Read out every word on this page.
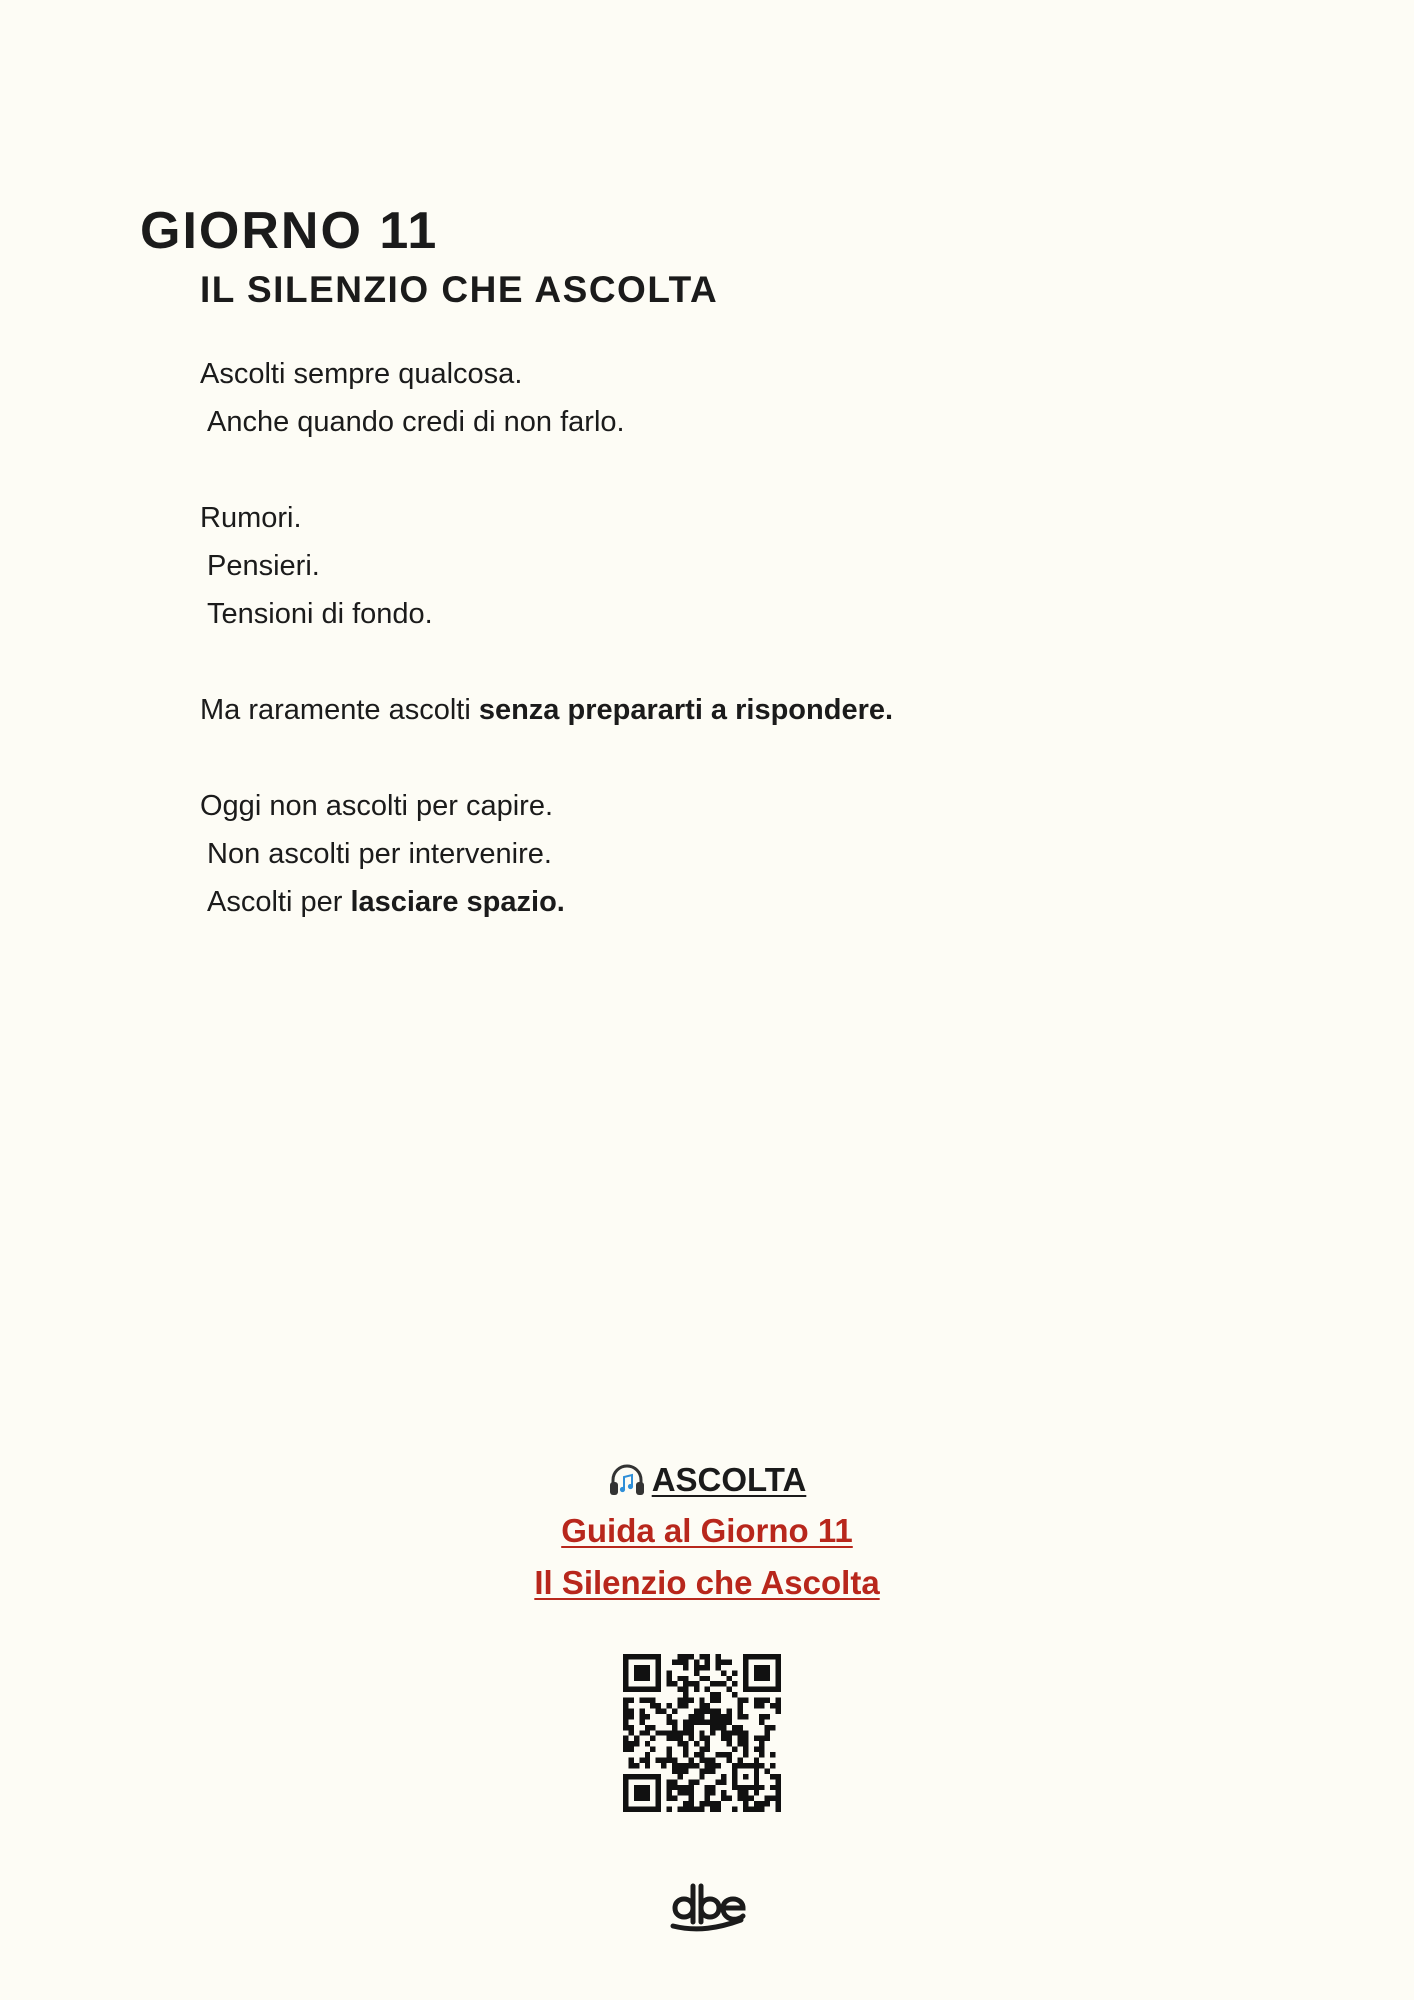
GIORNO 11
IL SILENZIO CHE ASCOLTA

Ascolti sempre qualcosa.
Anche quando credi di non farlo.

Rumori.
Pensieri.
Tensioni di fondo.

Ma raramente ascolti senza prepararti a rispondere.

Oggi non ascolti per capire.
Non ascolti per intervenire.
Ascolti per lasciare spazio.

ASCOLTA
Guida al Giorno 11
Il Silenzio che Ascolta
